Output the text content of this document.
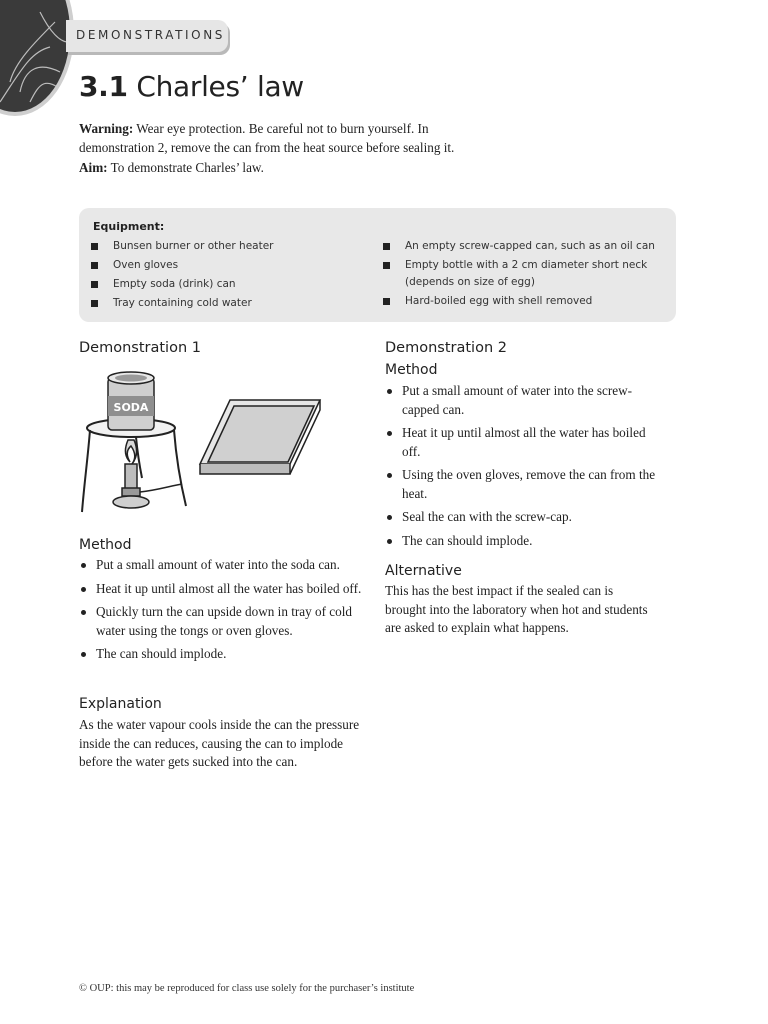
DEMONSTRATIONS
3.1 Charles’ law

Warning: Wear eye protection. Be careful not to burn yourself. In demonstration 2, remove the can from the heat source before sealing it.

Aim: To demonstrate Charles’ law.

Equipment:
Bunsen burner or other heater
Oven gloves
Empty soda (drink) can
Tray containing cold water
An empty screw-capped can, such as an oil can
Empty bottle with a 2 cm diameter short neck (depends on size of egg)
Hard-boiled egg with shell removed
Demonstration 1
SODA
Method
Put a small amount of water into the soda can.
Heat it up until almost all the water has boiled off.
Quickly turn the can upside down in tray of cold water using the tongs or oven gloves.
The can should implode.
Explanation

As the water vapour cools inside the can the pressure inside the can reduces, causing the can to implode before the water gets sucked into the can.

Demonstration 2
Method
Put a small amount of water into the screw-capped can.
Heat it up until almost all the water has boiled off.
Using the oven gloves, remove the can from the heat.
Seal the can with the screw-cap.
The can should implode.
Alternative

This has the best impact if the sealed can is brought into the laboratory when hot and students are asked to explain what happens.

© OUP: this may be reproduced for class use solely for the purchaser’s institute
